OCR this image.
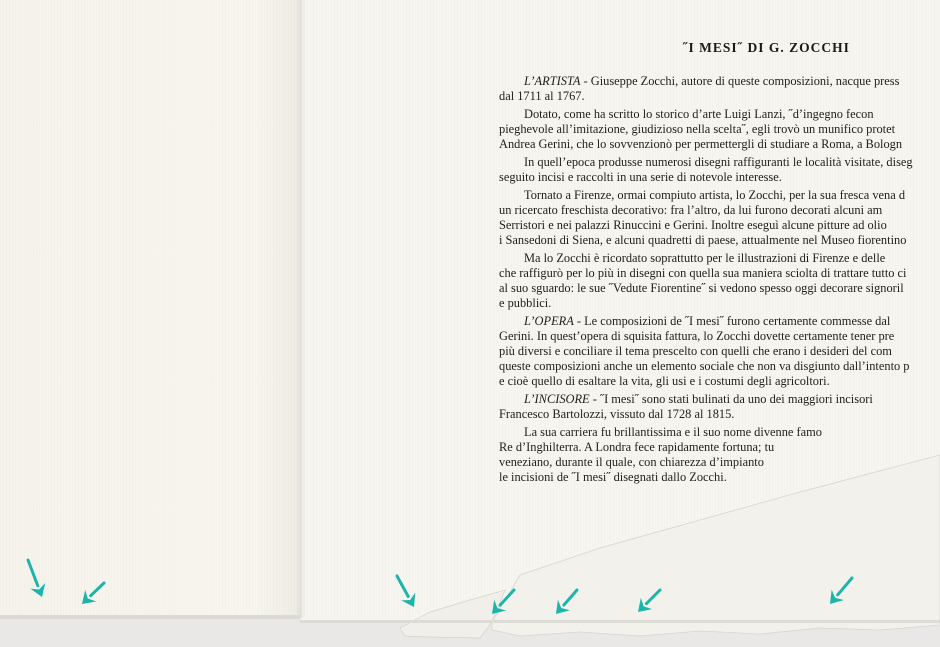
˝I MESI˝ DI G. ZOCCHI

L’ARTISTA - Giuseppe Zocchi, autore di queste composizioni, nacque press
dal 1711 al 1767.

Dotato, come ha scritto lo storico d’arte Luigi Lanzi, ˝d’ingegno fecon
pieghevole all’imitazione, giudizioso nella scelta˝, egli trovò un munifico protet
Andrea Gerini, che lo sovvenzionò per permettergli di studiare a Roma, a Bologn

In quell’epoca produsse numerosi disegni raffiguranti le località visitate, diseg
seguito incisi e raccolti in una serie di notevole interesse.

Tornato a Firenze, ormai compiuto artista, lo Zocchi, per la sua fresca vena d
un ricercato freschista decorativo: fra l’altro, da lui furono decorati alcuni am
Serristori e nei palazzi Rinuccini e Gerini. Inoltre eseguì alcune pitture ad olio
i Sansedoni di Siena, e alcuni quadretti di paese, attualmente nel Museo fiorentino

Ma lo Zocchi è ricordato soprattutto per le illustrazioni di Firenze e delle
che raffigurò per lo più in disegni con quella sua maniera sciolta di trattare tutto ci
al suo sguardo: le sue ˝Vedute Fiorentine˝ si vedono spesso oggi decorare signoril
e pubblici.

L’OPERA - Le composizioni de ˝I mesi˝ furono certamente commesse dal
Gerini. In quest’opera di squisita fattura, lo Zocchi dovette certamente tener pre
più diversi e conciliare il tema prescelto con quelli che erano i desideri del com
queste composizioni anche un elemento sociale che non va disgiunto dall’intento p
e cioè quello di esaltare la vita, gli usi e i costumi degli agricoltori.

L’INCISORE - ˝I mesi˝ sono stati bulinati da uno dei maggiori incisori
Francesco Bartolozzi, vissuto dal 1728 al 1815.

La sua carriera fu brillantissima e il suo nome divenne famo
Re d’Inghilterra. A Londra fece rapidamente fortuna; tu
veneziano, durante il quale, con chiarezza d’impianto
le incisioni de ˝I mesi˝ disegnati dallo Zocchi.
